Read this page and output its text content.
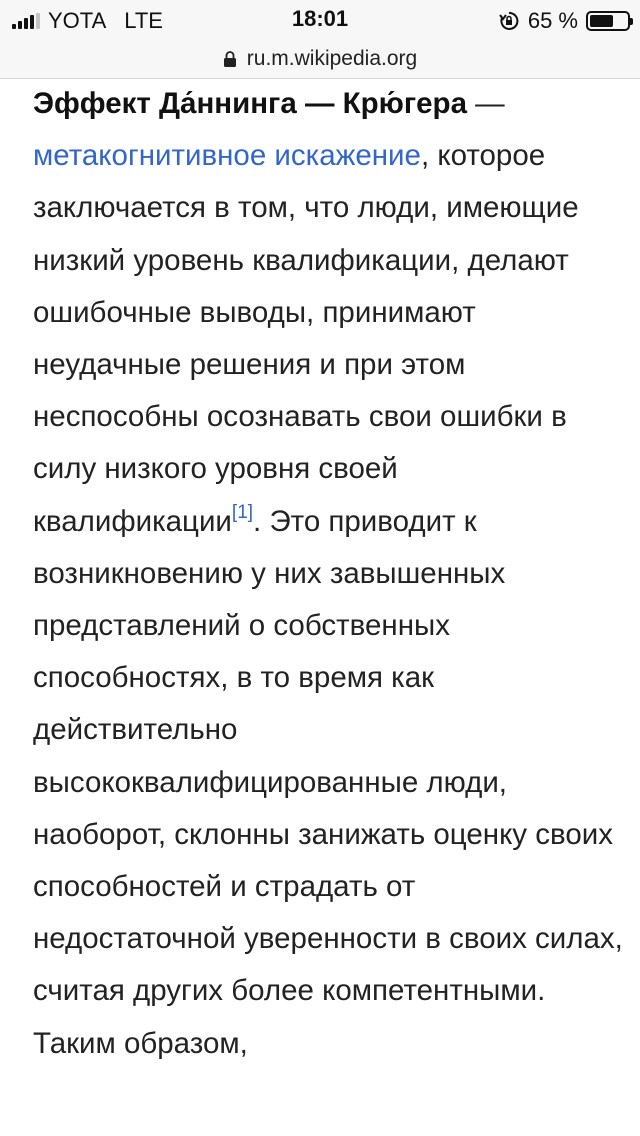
YOTA LTE	18:01	65 %
ru.m.wikipedia.org

Эффект Да́ннинга — Крю́гера — метакогнитивное искажение, которое заключается в том, что люди, имеющие низкий уровень квалификации, делают ошибочные выводы, принимают неудачные решения и при этом неспособны осознавать свои ошибки в силу низкого уровня своей квалификации[1]. Это приводит к возникновению у них завышенных представлений о собственных способностях, в то время как действительно высококвалифицированные люди, наоборот, склонны занижать оценку своих способностей и страдать от недостаточной уверенности в своих силах, считая других более компетентными. Таким образом,
